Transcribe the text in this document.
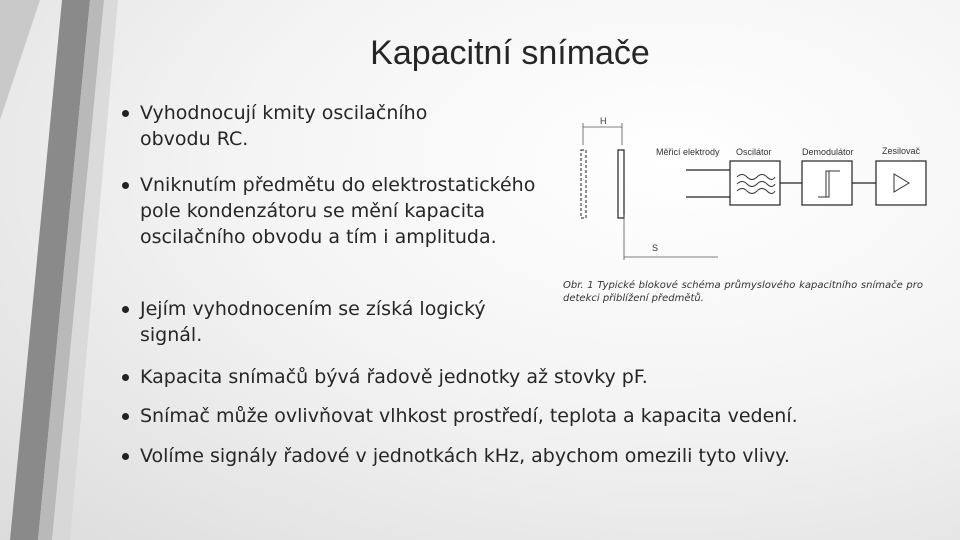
Kapacitní snímače
Vyhodnocují kmity oscilačního obvodu RC.
Vniknutím předmětu do elektrostatického pole kondenzátoru se mění kapacita oscilačního obvodu a tím i amplituda.
Jejím vyhodnocením se získá logický signál.
Kapacita snímačů bývá řadově jednotky až stovky pF.
Snímač může ovlivňovat vlhkost prostředí, teplota a kapacita vedení.
Volíme signály řadové v jednotkách kHz, abychom omezili tyto vlivy.
H
S
Měřicí elektrody Oscilátor	Demodulátor	Zesilovač
Obr. 1 Typické blokové schéma průmyslového kapacitního snímače pro detekci přiblížení předmětů.
